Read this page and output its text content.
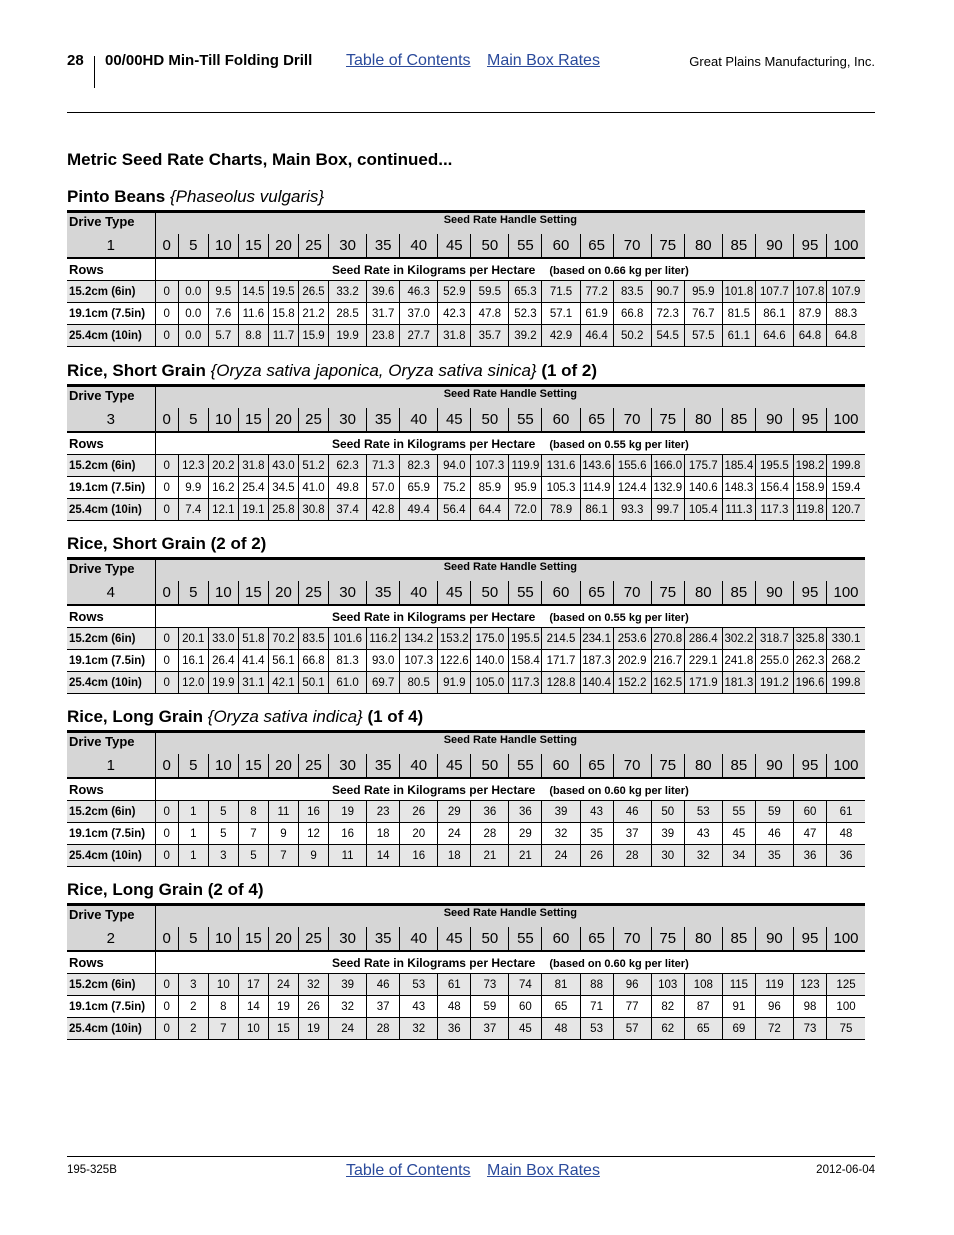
28 00/00HD Min-Till Folding Drill Table of Contents Main Box Rates	Great Plains Manufacturing, Inc.
Metric Seed Rate Charts, Main Box, continued...
Pinto Beans {Phaseolus vulgaris}
Drive Type	Seed Rate Handle Setting																				
1	0	5	10	15	20	25	30	35	40	45	50	55	60	65	70	75	80	85	90	95	100
Rows	Seed Rate in Kilograms per Hectare (based on 0.66 kg per liter)																				
15.2cm (6in)	0	0.0	9.5	14.5	19.5	26.5	33.2	39.6	46.3	52.9	59.5	65.3	71.5	77.2	83.5	90.7	95.9	101.8	107.7	107.8	107.9
19.1cm (7.5in)	0	0.0	7.6	11.6	15.8	21.2	28.5	31.7	37.0	42.3	47.8	52.3	57.1	61.9	66.8	72.3	76.7	81.5	86.1	87.9	88.3
25.4cm (10in)	0	0.0	5.7	8.8	11.7	15.9	19.9	23.8	27.7	31.8	35.7	39.2	42.9	46.4	50.2	54.5	57.5	61.1	64.6	64.8	64.8
Rice, Short Grain {Oryza sativa japonica, Oryza sativa sinica} (1 of 2)
Drive Type	Seed Rate Handle Setting																				
3	0	5	10	15	20	25	30	35	40	45	50	55	60	65	70	75	80	85	90	95	100
Rows	Seed Rate in Kilograms per Hectare (based on 0.55 kg per liter)																				
15.2cm (6in)	0	12.3	20.2	31.8	43.0	51.2	62.3	71.3	82.3	94.0	107.3	119.9	131.6	143.6	155.6	166.0	175.7	185.4	195.5	198.2	199.8
19.1cm (7.5in)	0	9.9	16.2	25.4	34.5	41.0	49.8	57.0	65.9	75.2	85.9	95.9	105.3	114.9	124.4	132.9	140.6	148.3	156.4	158.9	159.4
25.4cm (10in)	0	7.4	12.1	19.1	25.8	30.8	37.4	42.8	49.4	56.4	64.4	72.0	78.9	86.1	93.3	99.7	105.4	111.3	117.3	119.8	120.7
Rice, Short Grain (2 of 2)
Drive Type	Seed Rate Handle Setting																				
4	0	5	10	15	20	25	30	35	40	45	50	55	60	65	70	75	80	85	90	95	100
Rows	Seed Rate in Kilograms per Hectare (based on 0.55 kg per liter)																				
15.2cm (6in)	0	20.1	33.0	51.8	70.2	83.5	101.6	116.2	134.2	153.2	175.0	195.5	214.5	234.1	253.6	270.8	286.4	302.2	318.7	325.8	330.1
19.1cm (7.5in)	0	16.1	26.4	41.4	56.1	66.8	81.3	93.0	107.3	122.6	140.0	158.4	171.7	187.3	202.9	216.7	229.1	241.8	255.0	262.3	268.2
25.4cm (10in)	0	12.0	19.9	31.1	42.1	50.1	61.0	69.7	80.5	91.9	105.0	117.3	128.8	140.4	152.2	162.5	171.9	181.3	191.2	196.6	199.8
Rice, Long Grain {Oryza sativa indica} (1 of 4)
Drive Type	Seed Rate Handle Setting																				
1	0	5	10	15	20	25	30	35	40	45	50	55	60	65	70	75	80	85	90	95	100
Rows	Seed Rate in Kilograms per Hectare (based on 0.60 kg per liter)																				
15.2cm (6in)	0	1	5	8	11	16	19	23	26	29	36	36	39	43	46	50	53	55	59	60	61
19.1cm (7.5in)	0	1	5	7	9	12	16	18	20	24	28	29	32	35	37	39	43	45	46	47	48
25.4cm (10in)	0	1	3	5	7	9	11	14	16	18	21	21	24	26	28	30	32	34	35	36	36
Rice, Long Grain (2 of 4)
Drive Type	Seed Rate Handle Setting																				
2	0	5	10	15	20	25	30	35	40	45	50	55	60	65	70	75	80	85	90	95	100
Rows	Seed Rate in Kilograms per Hectare (based on 0.60 kg per liter)																				
15.2cm (6in)	0	3	10	17	24	32	39	46	53	61	73	74	81	88	96	103	108	115	119	123	125
19.1cm (7.5in)	0	2	8	14	19	26	32	37	43	48	59	60	65	71	77	82	87	91	96	98	100
25.4cm (10in)	0	2	7	10	15	19	24	28	32	36	37	45	48	53	57	62	65	69	72	73	75
195-325B	Table of Contents Main Box Rates	2012-06-04
